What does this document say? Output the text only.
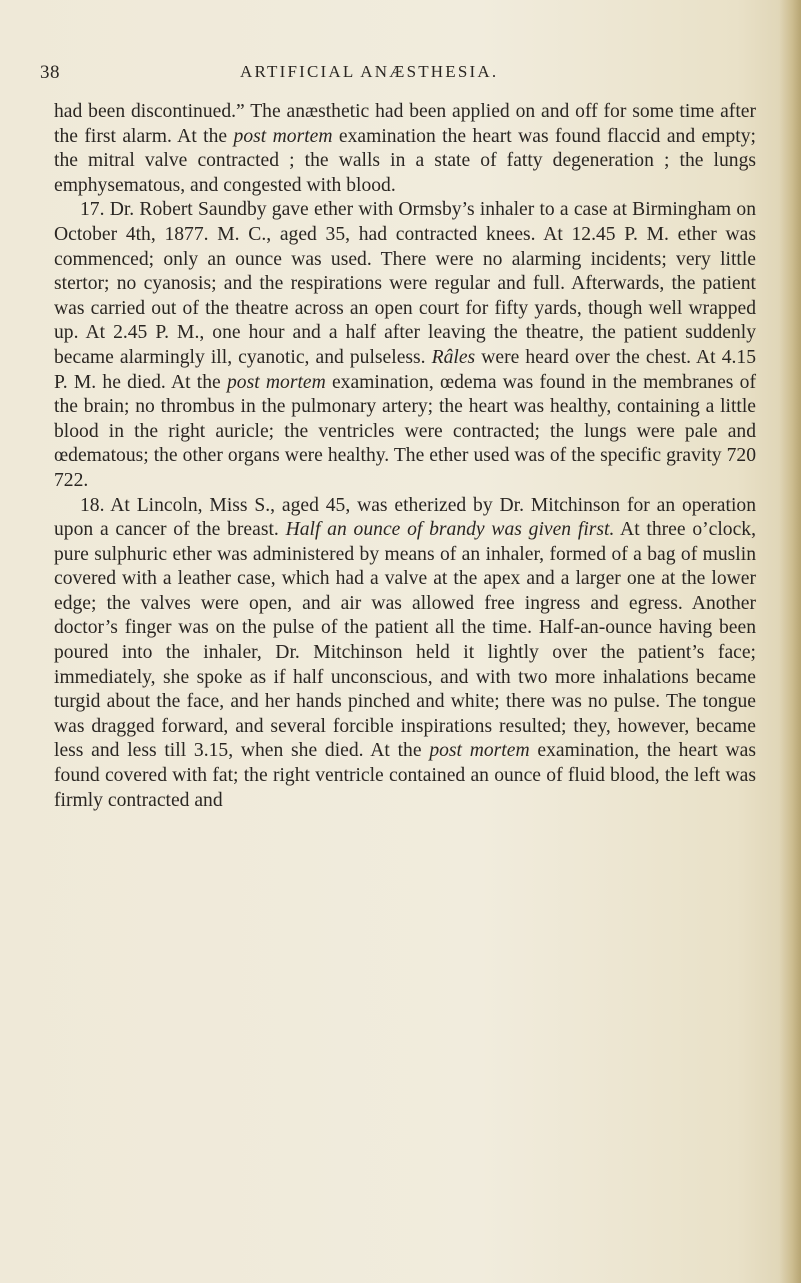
38	ARTIFICIAL ANÆSTHESIA.

had been discontinued.” The anæsthetic had been applied on and off for some time after the first alarm. At the post mortem examination the heart was found flaccid and empty; the mitral valve contracted ; the walls in a state of fatty degeneration ; the lungs emphysematous, and congested with blood.

17. Dr. Robert Saundby gave ether with Ormsby’s inhaler to a case at Birmingham on October 4th, 1877. M. C., aged 35, had contracted knees. At 12.45 P. M. ether was commenced; only an ounce was used. There were no alarming incidents; very little stertor; no cyanosis; and the respirations were regular and full. Afterwards, the patient was carried out of the theatre across an open court for fifty yards, though well wrapped up. At 2.45 P. M., one hour and a half after leaving the theatre, the patient suddenly became alarmingly ill, cyanotic, and pulseless. Râles were heard over the chest. At 4.15 P. M. he died. At the post mortem examination, œdema was found in the membranes of the brain; no thrombus in the pulmonary artery; the heart was healthy, containing a little blood in the right auricle; the ventricles were contracted; the lungs were pale and œdematous; the other organs were healthy. The ether used was of the specific gravity 720 722.

18. At Lincoln, Miss S., aged 45, was etherized by Dr. Mitchinson for an operation upon a cancer of the breast. Half an ounce of brandy was given first. At three o’clock, pure sulphuric ether was administered by means of an inhaler, formed of a bag of muslin covered with a leather case, which had a valve at the apex and a larger one at the lower edge; the valves were open, and air was allowed free ingress and egress. Another doctor’s finger was on the pulse of the patient all the time. Half-an-ounce having been poured into the inhaler, Dr. Mitchinson held it lightly over the patient’s face; immediately, she spoke as if half unconscious, and with two more inhalations became turgid about the face, and her hands pinched and white; there was no pulse. The tongue was dragged forward, and several forcible inspirations resulted; they, however, became less and less till 3.15, when she died. At the post mortem examination, the heart was found covered with fat; the right ventricle contained an ounce of fluid blood, the left was firmly contracted and
